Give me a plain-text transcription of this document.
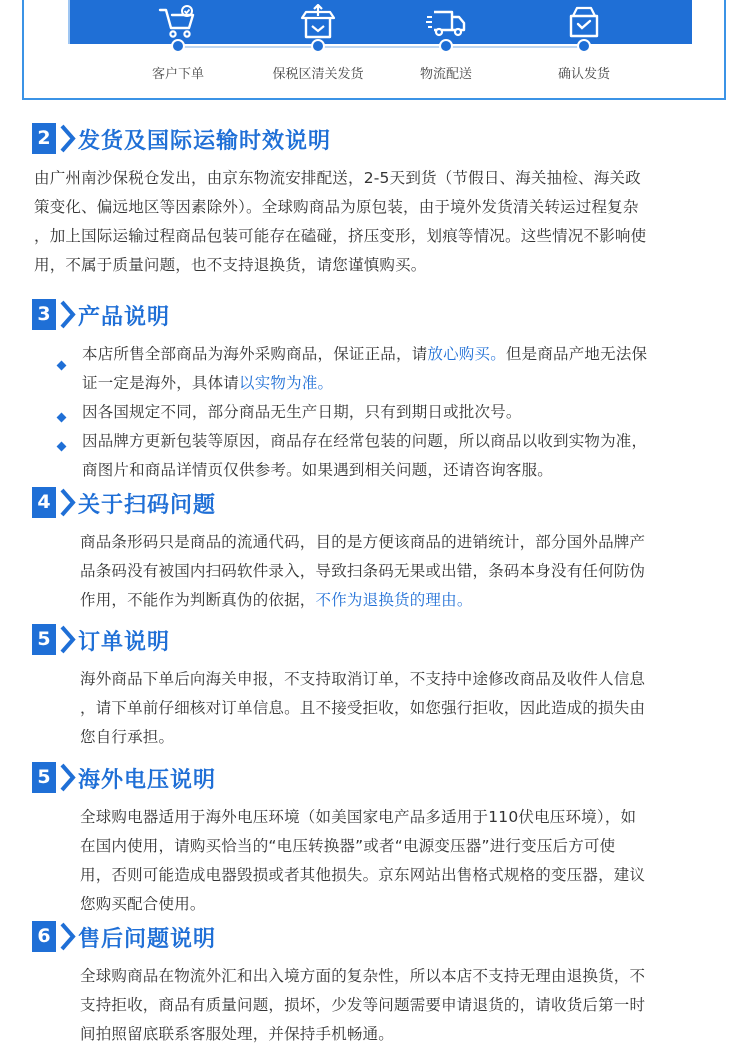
客户下单	保税区清关发货	物流配送	确认发货
2 发货及国际运输时效说明
由广州南沙保税仓发出，由京东物流安排配送，2-5天到货（节假日、海关抽检、海关政
策变化、偏远地区等因素除外）。全球购商品为原包装，由于境外发货清关转运过程复杂
，加上国际运输过程商品包装可能存在磕碰，挤压变形，划痕等情况。这些情况不影响使
用，不属于质量问题，也不支持退换货，请您谨慎购买。
3 产品说明
本店所售全部商品为海外采购商品，保证正品，请放心购买。但是商品产地无法保
证一定是海外，具体请以实物为准。
因各国规定不同，部分商品无生产日期，只有到期日或批次号。
因品牌方更新包装等原因，商品存在经常包装的问题，所以商品以收到实物为准，
商图片和商品详情页仅供参考。如果遇到相关问题，还请咨询客服。
4 关于扫码问题
商品条形码只是商品的流通代码，目的是方便该商品的进销统计，部分国外品牌产
品条码没有被国内扫码软件录入，导致扫条码无果或出错，条码本身没有任何防伪
作用，不能作为判断真伪的依据，不作为退换货的理由。
5 订单说明
海外商品下单后向海关申报，不支持取消订单，不支持中途修改商品及收件人信息
，请下单前仔细核对订单信息。且不接受拒收，如您强行拒收，因此造成的损失由
您自行承担。
5 海外电压说明
全球购电器适用于海外电压环境（如美国家电产品多适用于110伏电压环境），如
在国内使用，请购买恰当的“电压转换器”或者“电源变压器”进行变压后方可使
用，否则可能造成电器毁损或者其他损失。京东网站出售格式规格的变压器，建议
您购买配合使用。
6 售后问题说明
全球购商品在物流外汇和出入境方面的复杂性，所以本店不支持无理由退换货，不
支持拒收，商品有质量问题，损坏，少发等问题需要申请退货的，请收货后第一时
间拍照留底联系客服处理，并保持手机畅通。
